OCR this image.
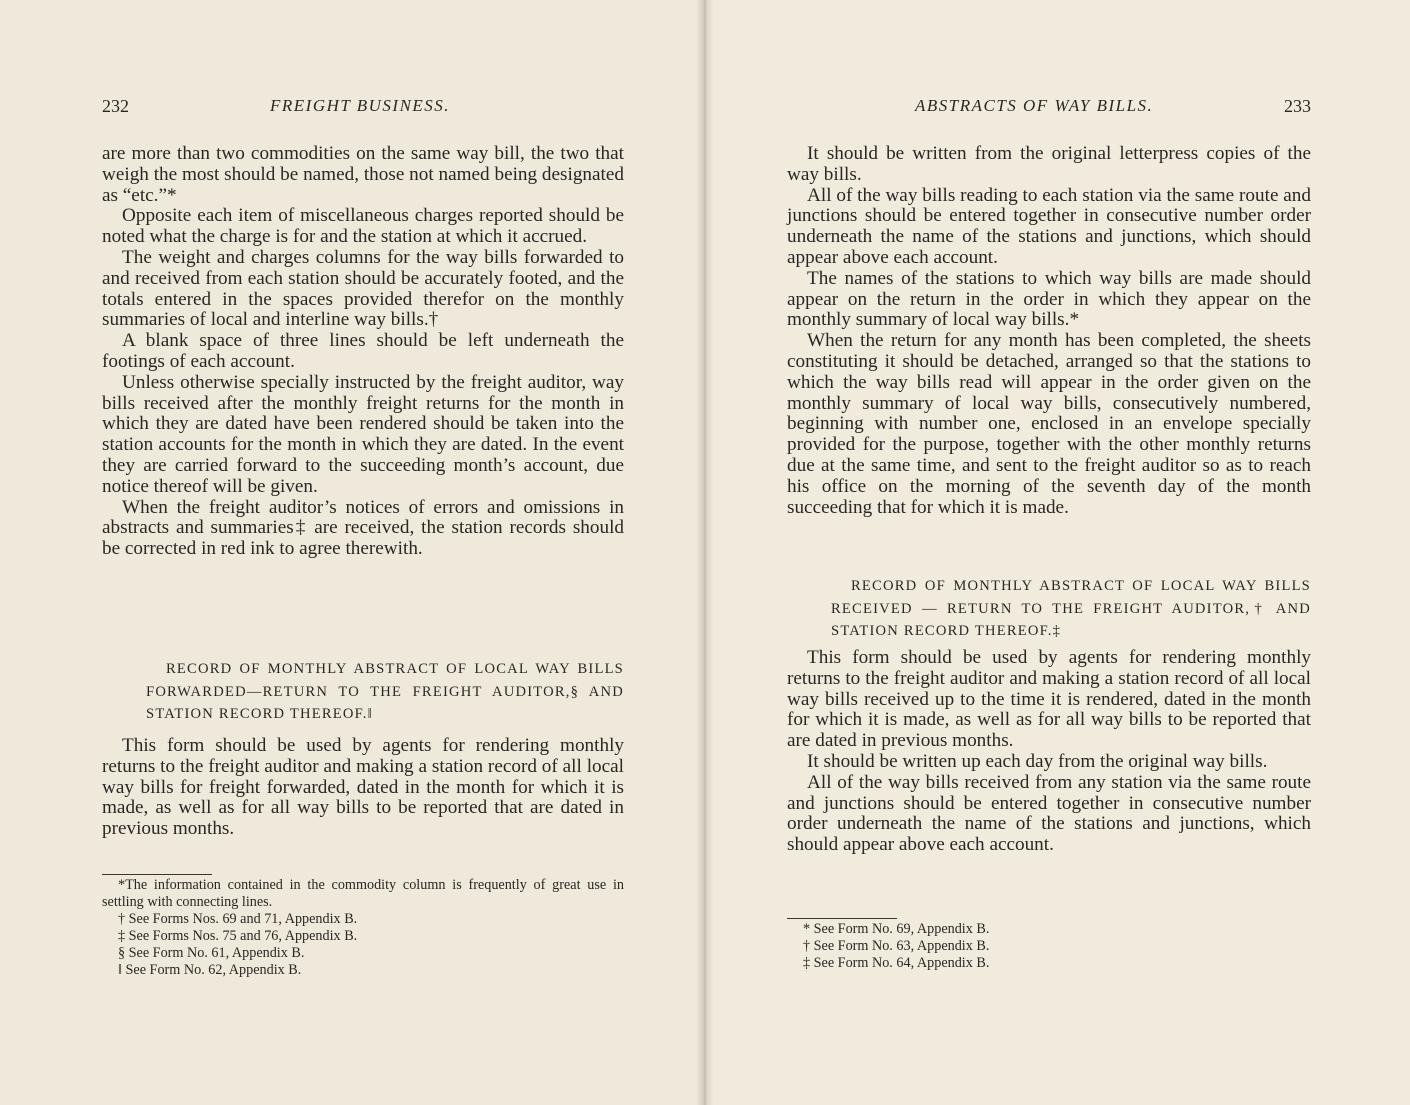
232	FREIGHT BUSINESS.

are more than two commodities on the same way bill, the two that weigh the most should be named, those not named being designated as “etc.”*

Opposite each item of miscellaneous charges reported should be noted what the charge is for and the station at which it accrued.

The weight and charges columns for the way bills forwarded to and received from each station should be accurately footed, and the totals entered in the spaces provided therefor on the monthly summaries of local and interline way bills.†

A blank space of three lines should be left underneath the footings of each account.

Unless otherwise specially instructed by the freight auditor, way bills received after the monthly freight returns for the month in which they are dated have been rendered should be taken into the station accounts for the month in which they are dated. In the event they are carried forward to the succeeding month’s account, due notice thereof will be given.

When the freight auditor’s notices of errors and omissions in abstracts and summaries‡ are received, the station records should be corrected in red ink to agree therewith.

RECORD OF MONTHLY ABSTRACT OF LOCAL WAY BILLS FORWARDED—RETURN TO THE FREIGHT AUDITOR,§ AND STATION RECORD THEREOF.‖

This form should be used by agents for rendering monthly returns to the freight auditor and making a station record of all local way bills for freight forwarded, dated in the month for which it is made, as well as for all way bills to be reported that are dated in previous months.

*The information contained in the commodity column is frequently of great use in settling with connecting lines.

† See Forms Nos. 69 and 71, Appendix B.

‡ See Forms Nos. 75 and 76, Appendix B.

§ See Form No. 61, Appendix B.

‖ See Form No. 62, Appendix B.

ABSTRACTS OF WAY BILLS.	233

It should be written from the original letterpress copies of the way bills.

All of the way bills reading to each station via the same route and junctions should be entered together in consecutive number order underneath the name of the stations and junctions, which should appear above each account.

The names of the stations to which way bills are made should appear on the return in the order in which they appear on the monthly summary of local way bills.*

When the return for any month has been completed, the sheets constituting it should be detached, arranged so that the stations to which the way bills read will appear in the order given on the monthly summary of local way bills, consecutively numbered, beginning with number one, enclosed in an envelope specially provided for the purpose, together with the other monthly returns due at the same time, and sent to the freight auditor so as to reach his office on the morning of the seventh day of the month succeeding that for which it is made.

RECORD OF MONTHLY ABSTRACT OF LOCAL WAY BILLS RECEIVED — RETURN TO THE FREIGHT AUDITOR,† AND STATION RECORD THEREOF.‡

This form should be used by agents for rendering monthly returns to the freight auditor and making a station record of all local way bills received up to the time it is rendered, dated in the month for which it is made, as well as for all way bills to be reported that are dated in previous months.

It should be written up each day from the original way bills.

All of the way bills received from any station via the same route and junctions should be entered together in consecutive number order underneath the name of the stations and junctions, which should appear above each account.

* See Form No. 69, Appendix B.

† See Form No. 63, Appendix B.

‡ See Form No. 64, Appendix B.
